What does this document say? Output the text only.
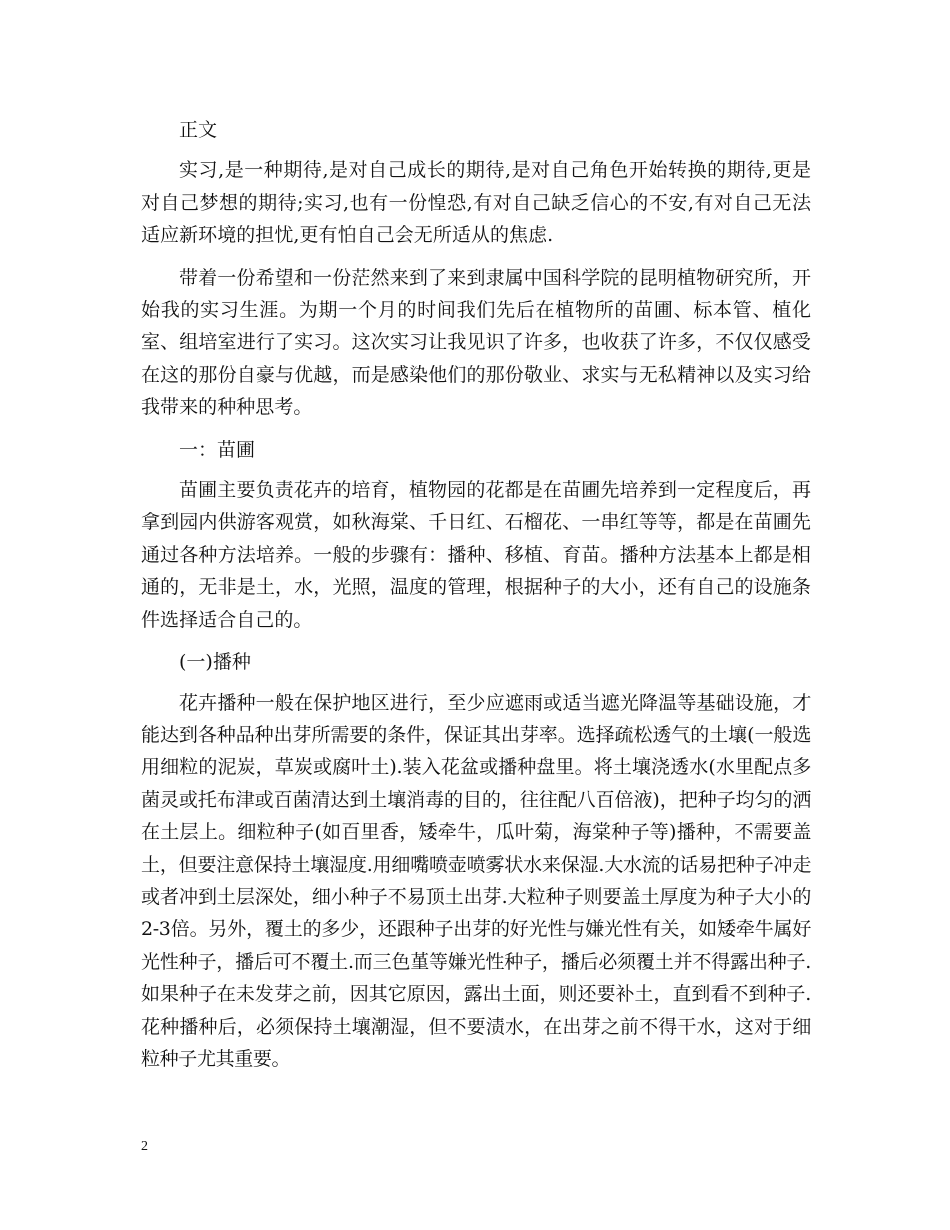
正文

实习,是一种期待,是对自己成长的期待,是对自己角色开始转换的期待,更是对自己梦想的期待;实习,也有一份惶恐,有对自己缺乏信心的不安,有对自己无法适应新环境的担忧,更有怕自己会无所适从的焦虑.

带着一份希望和一份茫然来到了来到隶属中国科学院的昆明植物研究所，开始我的实习生涯。为期一个月的时间我们先后在植物所的苗圃、标本管、植化室、组培室进行了实习。这次实习让我见识了许多，也收获了许多，不仅仅感受在这的那份自豪与优越，而是感染他们的那份敬业、求实与无私精神以及实习给我带来的种种思考。

一：苗圃

苗圃主要负责花卉的培育，植物园的花都是在苗圃先培养到一定程度后，再拿到园内供游客观赏，如秋海棠、千日红、石榴花、一串红等等，都是在苗圃先通过各种方法培养。一般的步骤有：播种、移植、育苗。播种方法基本上都是相通的，无非是土，水，光照，温度的管理，根据种子的大小，还有自己的设施条件选择适合自己的。

(一)播种

花卉播种一般在保护地区进行，至少应遮雨或适当遮光降温等基础设施，才能达到各种品种出芽所需要的条件，保证其出芽率。选择疏松透气的土壤(一般选用细粒的泥炭，草炭或腐叶土).装入花盆或播种盘里。将土壤浇透水(水里配点多菌灵或托布津或百菌清达到土壤消毒的目的，往往配八百倍液)，把种子均匀的洒在土层上。细粒种子(如百里香，矮牵牛，瓜叶菊，海棠种子等)播种，不需要盖土，但要注意保持土壤湿度.用细嘴喷壶喷雾状水来保湿.大水流的话易把种子冲走或者冲到土层深处，细小种子不易顶土出芽.大粒种子则要盖土厚度为种子大小的2-3倍。另外，覆土的多少，还跟种子出芽的好光性与嫌光性有关，如矮牵牛属好光性种子，播后可不覆土.而三色堇等嫌光性种子，播后必须覆土并不得露出种子.如果种子在未发芽之前，因其它原因，露出土面，则还要补土，直到看不到种子.花种播种后，必须保持土壤潮湿，但不要渍水，在出芽之前不得干水，这对于细粒种子尤其重要。

2
